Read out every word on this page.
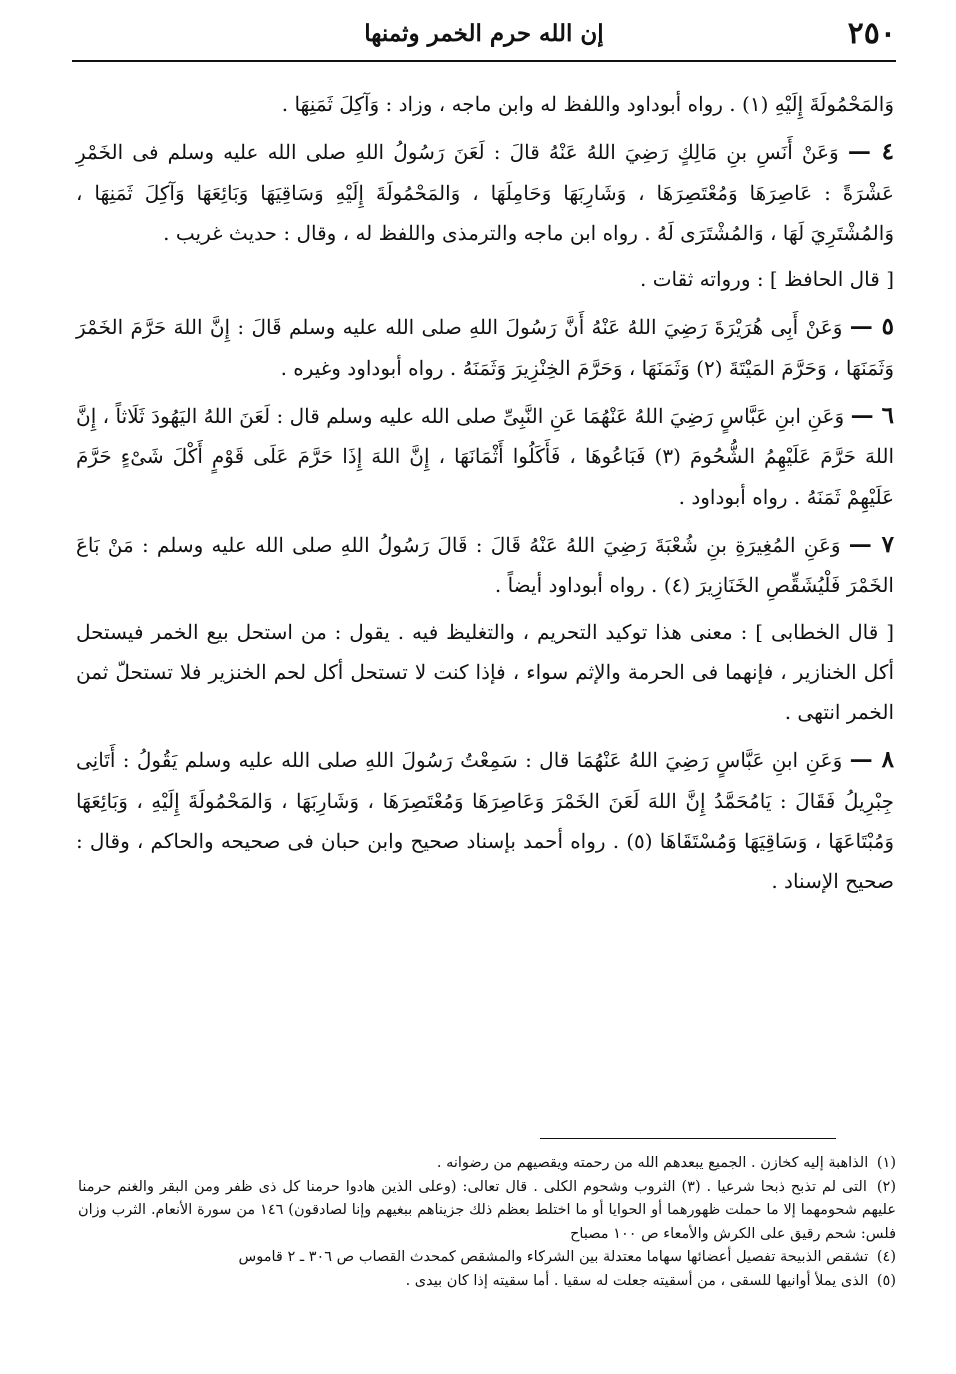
٢٥٠
إن الله حرم الخمر وثمنها

وَالمَحْمُولَةَ إِلَيْهِ (١) . رواه أبوداود واللفظ له وابن ماجه ، وزاد : وَآكِلَ ثَمَنِهَا .

٤ — وَعَنْ أَنَسِ بنِ مَالِكٍ رَضِيَ اللهُ عَنْهُ قالَ : لَعَنَ رَسُولُ اللهِ صلى الله عليه وسلم فى الخَمْرِ عَشْرَةً : عَاصِرَهَا وَمُعْتَصِرَهَا ، وَشَارِبَهَا وَحَامِلَهَا ، وَالمَحْمُولَةَ إِلَيْهِ وَسَاقِيَهَا وَبَائِعَهَا وَآكِلَ ثَمَنِهَا ، وَالمُشْتَرِيَ لَهَا ، وَالمُشْتَرَى لَهُ . رواه ابن ماجه والترمذى واللفظ له ، وقال : حديث غريب .

[ قال الحافظ ] : ورواته ثقات .

٥ — وَعَنْ أَبِى هُرَيْرَةَ رَضِيَ اللهُ عَنْهُ أَنَّ رَسُولَ اللهِ صلى الله عليه وسلم قَالَ : إِنَّ اللهَ حَرَّمَ الخَمْرَ وَثَمَنَهَا ، وَحَرَّمَ المَيْتَةَ (٢) وَثَمَنَهَا ، وَحَرَّمَ الخِنْزِيرَ وَثَمَنَهُ . رواه أبوداود وغيره .

٦ — وَعَنِ ابنِ عَبَّاسٍ رَضِيَ اللهُ عَنْهُمَا عَنِ النَّبِىِّ صلى الله عليه وسلم قال : لَعَنَ اللهُ اليَهُودَ ثَلَاثاً ، إِنَّ اللهَ حَرَّمَ عَلَيْهِمُ الشُّحُومَ (٣) فَبَاعُوهَا ، فَأَكَلُوا أَثْمَانَهَا ، إِنَّ اللهَ إِذَا حَرَّمَ عَلَى قَوْمٍ أَكْلَ شَىْءٍ حَرَّمَ عَلَيْهِمْ ثَمَنَهُ . رواه أبوداود .

٧ — وَعَنِ المُغِيرَةِ بنِ شُعْبَةَ رَضِيَ اللهُ عَنْهُ قَالَ : قَالَ رَسُولُ اللهِ صلى الله عليه وسلم : مَنْ بَاعَ الخَمْرَ فَلْيُشَقِّصِ الخَنَازِيرَ (٤) . رواه أبوداود أيضاً .

[ قال الخطابى ] : معنى هذا توكيد التحريم ، والتغليظ فيه . يقول : من استحل بيع الخمر فيستحل أكل الخنازير ، فإنهما فى الحرمة والإثم سواء ، فإذا كنت لا تستحل أكل لحم الخنزير فلا تستحلّ ثمن الخمر انتهى .

٨ — وَعَنِ ابنِ عَبَّاسٍ رَضِيَ اللهُ عَنْهُمَا قال : سَمِعْتُ رَسُولَ اللهِ صلى الله عليه وسلم يَقُولُ : أَتَانِى جِبْرِيلُ فَقَالَ : يَامُحَمَّدُ إِنَّ اللهَ لَعَنَ الخَمْرَ وَعَاصِرَهَا وَمُعْتَصِرَهَا ، وَشَارِبَهَا ، وَالمَحْمُولَةَ إِلَيْهِ ، وَبَائِعَهَا وَمُبْتَاعَهَا ، وَسَاقِيَهَا وَمُسْتَقَاهَا (٥) . رواه أحمد بإسناد صحيح وابن حبان فى صحيحه والحاكم ، وقال : صحيح الإسناد .

(١) الذاهبة إليه كخازن . الجميع يبعدهم الله من رحمته ويقصيهم من رضوانه .

(٢) التى لم تذبح ذبحا شرعيا . (٣) الثروب وشحوم الكلى . قال تعالى: (وعلى الذين هادوا حرمنا كل ذى ظفر ومن البقر والغنم حرمنا عليهم شحومهما إلا ما حملت ظهورهما أو الحوايا أو ما اختلط بعظم ذلك جزيناهم ببغيهم وإنا لصادقون) ١٤٦ من سورة الأنعام. الثرب وزان فلس: شحم رقيق على الكرش والأمعاء ص ١٠٠ مصباح

(٤) تشقص الذبيحة تفصيل أعضائها سهاما معتدلة بين الشركاء والمشقص كمحدث القصاب ص ٣٠٦ ـ ٢ قاموس

(٥) الذى يملأ أوانيها للسقى ، من أسقيته جعلت له سقيا . أما سقيته إذا كان بيدى .
